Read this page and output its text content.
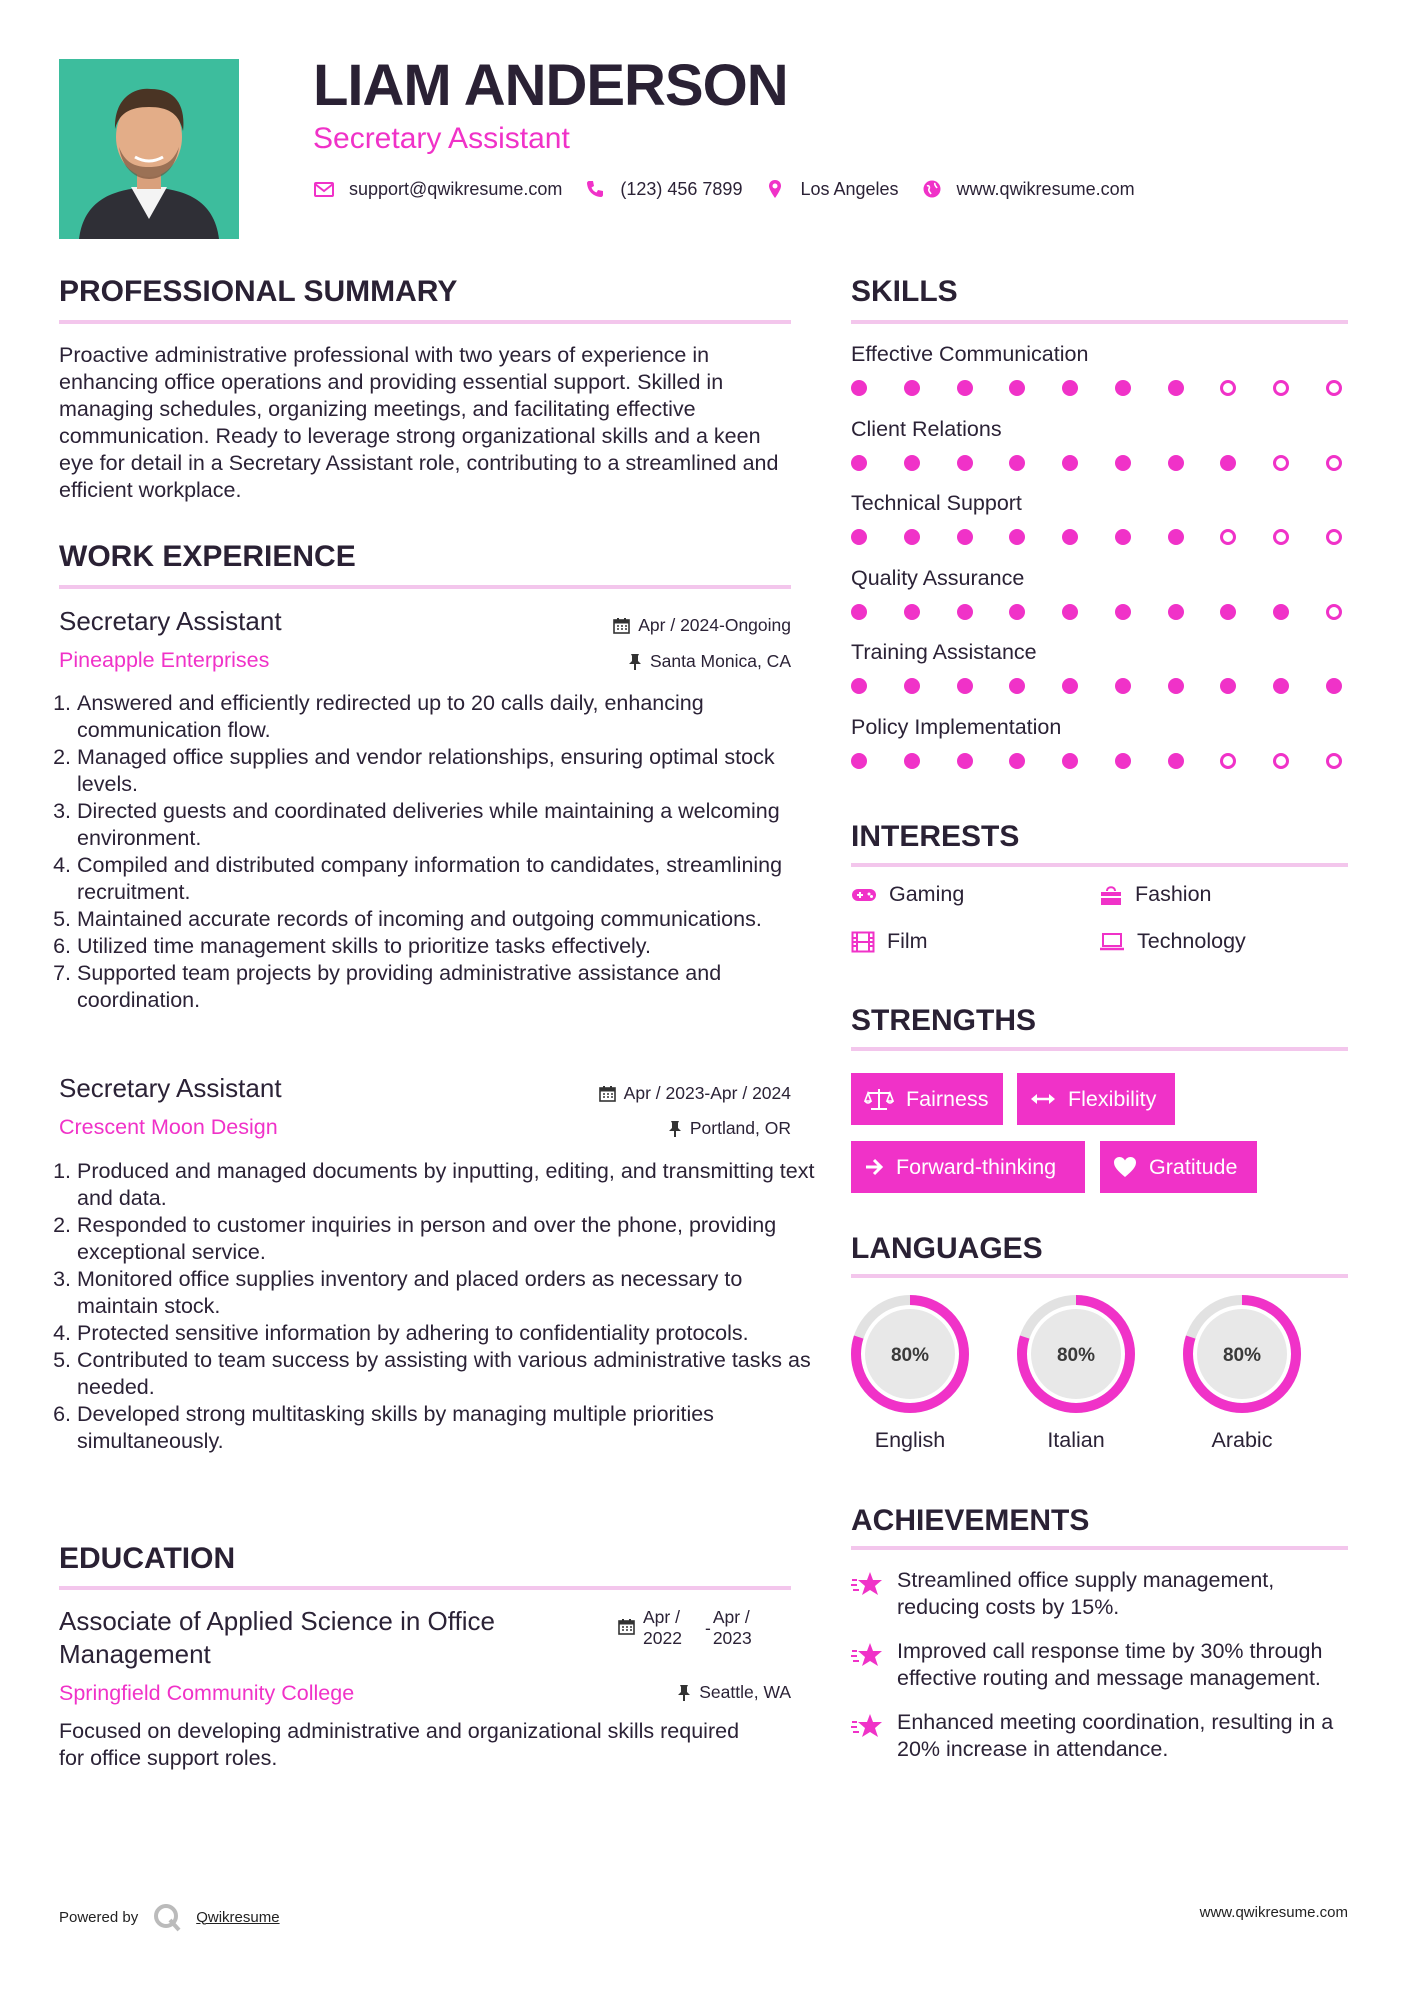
LIAM ANDERSON
Secretary Assistant
support@qwikresume.com	(123) 456 7899	Los Angeles	www.qwikresume.com
PROFESSIONAL SUMMARY
Proactive administrative professional with two years of experience in enhancing office operations and providing essential support. Skilled in managing schedules, organizing meetings, and facilitating effective communication. Ready to leverage strong organizational skills and a keen eye for detail in a Secretary Assistant role, contributing to a streamlined and efficient workplace.
WORK EXPERIENCE
Secretary Assistant
Pineapple Enterprises
Apr / 2024-Ongoing
Santa Monica, CA
1. Answered and efficiently redirected up to 20 calls daily, enhancing communication flow.
2. Managed office supplies and vendor relationships, ensuring optimal stock levels.
3. Directed guests and coordinated deliveries while maintaining a welcoming environment.
4. Compiled and distributed company information to candidates, streamlining recruitment.
5. Maintained accurate records of incoming and outgoing communications.
6. Utilized time management skills to prioritize tasks effectively.
7. Supported team projects by providing administrative assistance and coordination.
Secretary Assistant
Crescent Moon Design
Apr / 2023-Apr / 2024
Portland, OR
1. Produced and managed documents by inputting, editing, and transmitting text and data.
2. Responded to customer inquiries in person and over the phone, providing exceptional service.
3. Monitored office supplies inventory and placed orders as necessary to maintain stock.
4. Protected sensitive information by adhering to confidentiality protocols.
5. Contributed to team success by assisting with various administrative tasks as needed.
6. Developed strong multitasking skills by managing multiple priorities simultaneously.
EDUCATION
Associate of Applied Science in Office Management
Apr / 2022	-
Apr / 2023
Springfield Community College	Seattle, WA
Focused on developing administrative and organizational skills required for office support roles.
SKILLS
Effective Communication
Client Relations
Technical Support
Quality Assurance
Training Assistance
Policy Implementation
INTERESTS
Gaming	Fashion
Film	Technology
STRENGTHS
Fairness	Flexibility
Forward-thinking	Gratitude
LANGUAGES
80%
English
80%
Italian
80%
Arabic
ACHIEVEMENTS
Streamlined office supply management, reducing costs by 15%.
Improved call response time by 30% through effective routing and message management.
Enhanced meeting coordination, resulting in a 20% increase in attendance.
Powered by	Qwikresume	www.qwikresume.com
